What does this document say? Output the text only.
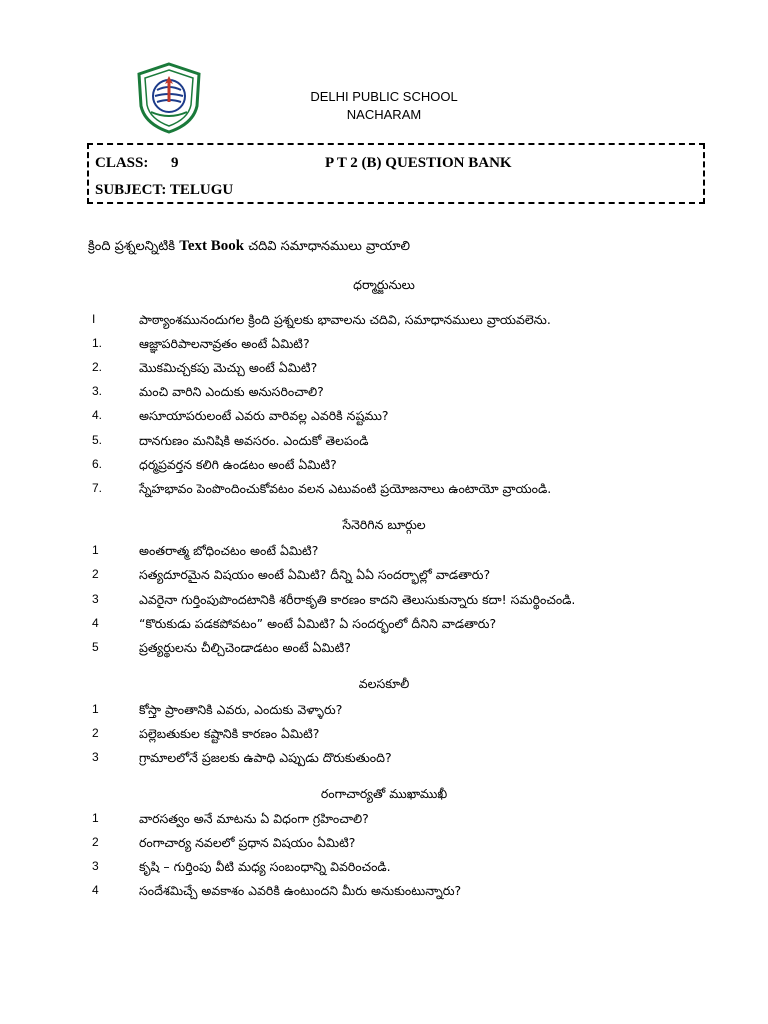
DELHI PUBLIC SCHOOL
NACHARAM
CLASS: 9	P T 2 (B) QUESTION BANK
SUBJECT: TELUGU
క్రింది ప్రశ్నలన్నిటికి Text Book చదివి సమాధానములు వ్రాయాలి
ధర్మార్జునులు
I	పాఠ్యాంశమునందుగల క్రింది ప్రశ్నలకు భావాలను చదివి, సమాధానములు వ్రాయవలెను.
1.	ఆజ్ఞాపరిపాలనావ్రతం అంటే ఏమిటి?
2.	మొకమిచ్చకపు మెచ్చు అంటే ఏమిటి?
3.	మంచి వారిని ఎందుకు అనుసరించాలి?
4.	అసూయాపరులంటే ఎవరు వారివల్ల ఎవరికి నష్టము?
5.	దానగుణం మనిషికి అవసరం. ఎందుకో తెలపండి
6.	ధర్మప్రవర్తన కలిగి ఉండటం అంటే ఏమిటి?
7.	స్నేహభావం పెంపొందించుకోవటం వలన ఎటువంటి ప్రయోజనాలు ఉంటాయో వ్రాయండి.
సేనెరిగిన బూర్గుల
1	అంతరాత్మ బోధించటం అంటే ఏమిటి?
2	సత్యదూరమైన విషయం అంటే ఏమిటి? దీన్ని ఏఏ సందర్భాల్లో వాడతారు?
3	ఎవరైనా గుర్తింపుపొందటానికి శరీరాకృతి కారణం కాదని తెలుసుకున్నారు కదా! సమర్థించండి.
4	“కొరుకుడు పడకపోవటం” అంటే ఏమిటి? ఏ సందర్భంలో దీనిని వాడతారు?
5	ప్రత్యర్థులను చీల్చిచెండాడటం అంటే ఏమిటి?
వలసకూలీ
1	కోస్తా ప్రాంతానికి ఎవరు, ఎందుకు వెళ్ళారు?
2	పల్లెబతుకుల కష్టానికి కారణం ఏమిటి?
3	గ్రామాలలోనే ప్రజలకు ఉపాధి ఎప్పుడు దొరుకుతుంది?
రంగాచార్యతో ముఖాముఖీ
1	వారసత్వం అనే మాటను ఏ విధంగా గ్రహించాలి?
2	రంగాచార్య నవలలో ప్రధాన విషయం ఏమిటి?
3	కృషి – గుర్తింపు వీటి మధ్య సంబంధాన్ని వివరించండి.
4	సందేశమిచ్చే అవకాశం ఎవరికి ఉంటుందని మీరు అనుకుంటున్నారు?
